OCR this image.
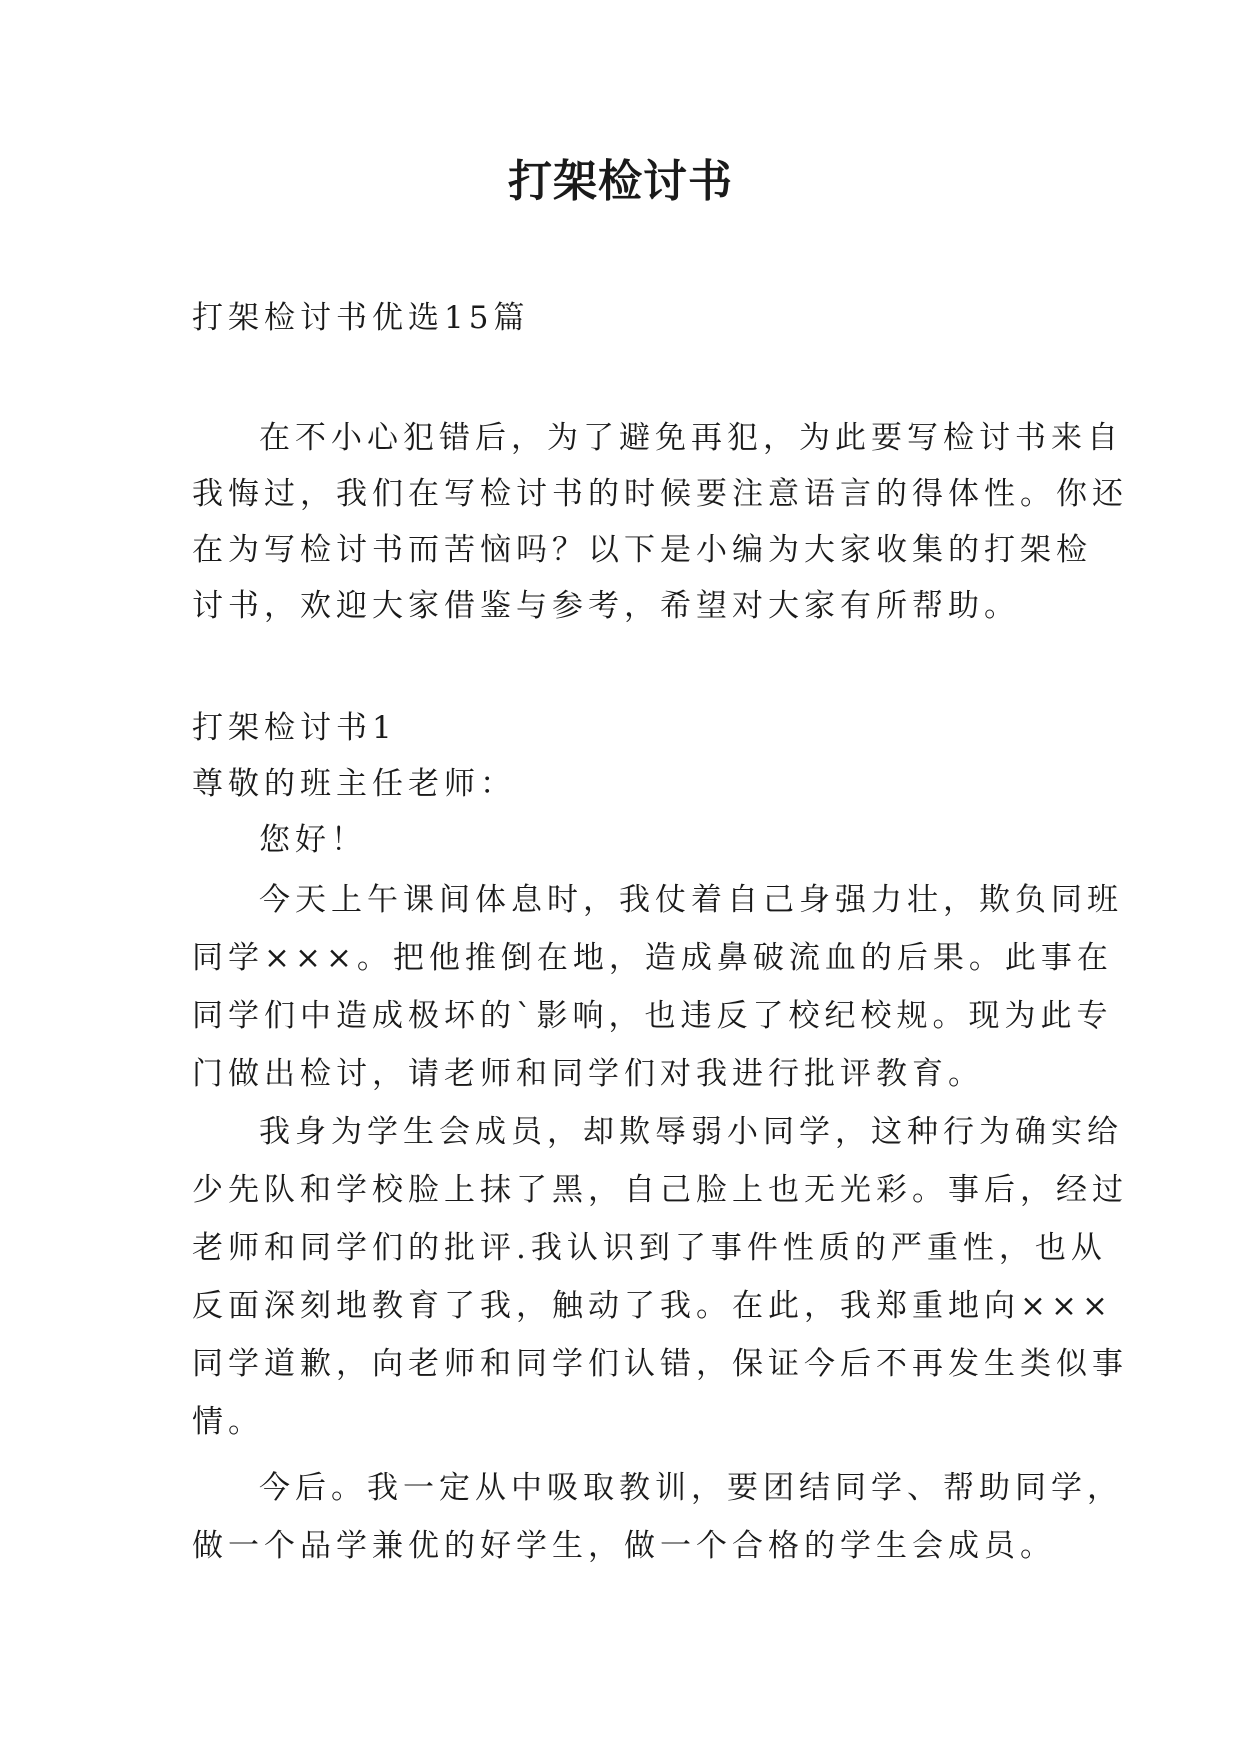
打架检讨书

打架检讨书优选15篇

在不小心犯错后，为了避免再犯，为此要写检讨书来自

我悔过，我们在写检讨书的时候要注意语言的得体性。你还

在为写检讨书而苦恼吗？以下是小编为大家收集的打架检

讨书，欢迎大家借鉴与参考，希望对大家有所帮助。

打架检讨书1

尊敬的班主任老师：

您好！

今天上午课间体息时，我仗着自己身强力壮，欺负同班

同学×××。把他推倒在地，造成鼻破流血的后果。此事在

同学们中造成极坏的`影响，也违反了校纪校规。现为此专

门做出检讨，请老师和同学们对我进行批评教育。

我身为学生会成员，却欺辱弱小同学，这种行为确实给

少先队和学校脸上抹了黑，自己脸上也无光彩。事后，经过

老师和同学们的批评.我认识到了事件性质的严重性，也从

反面深刻地教育了我，触动了我。在此，我郑重地向×××

同学道歉，向老师和同学们认错，保证今后不再发生类似事

情。

今后。我一定从中吸取教训，要团结同学、帮助同学，

做一个品学兼优的好学生，做一个合格的学生会成员。
